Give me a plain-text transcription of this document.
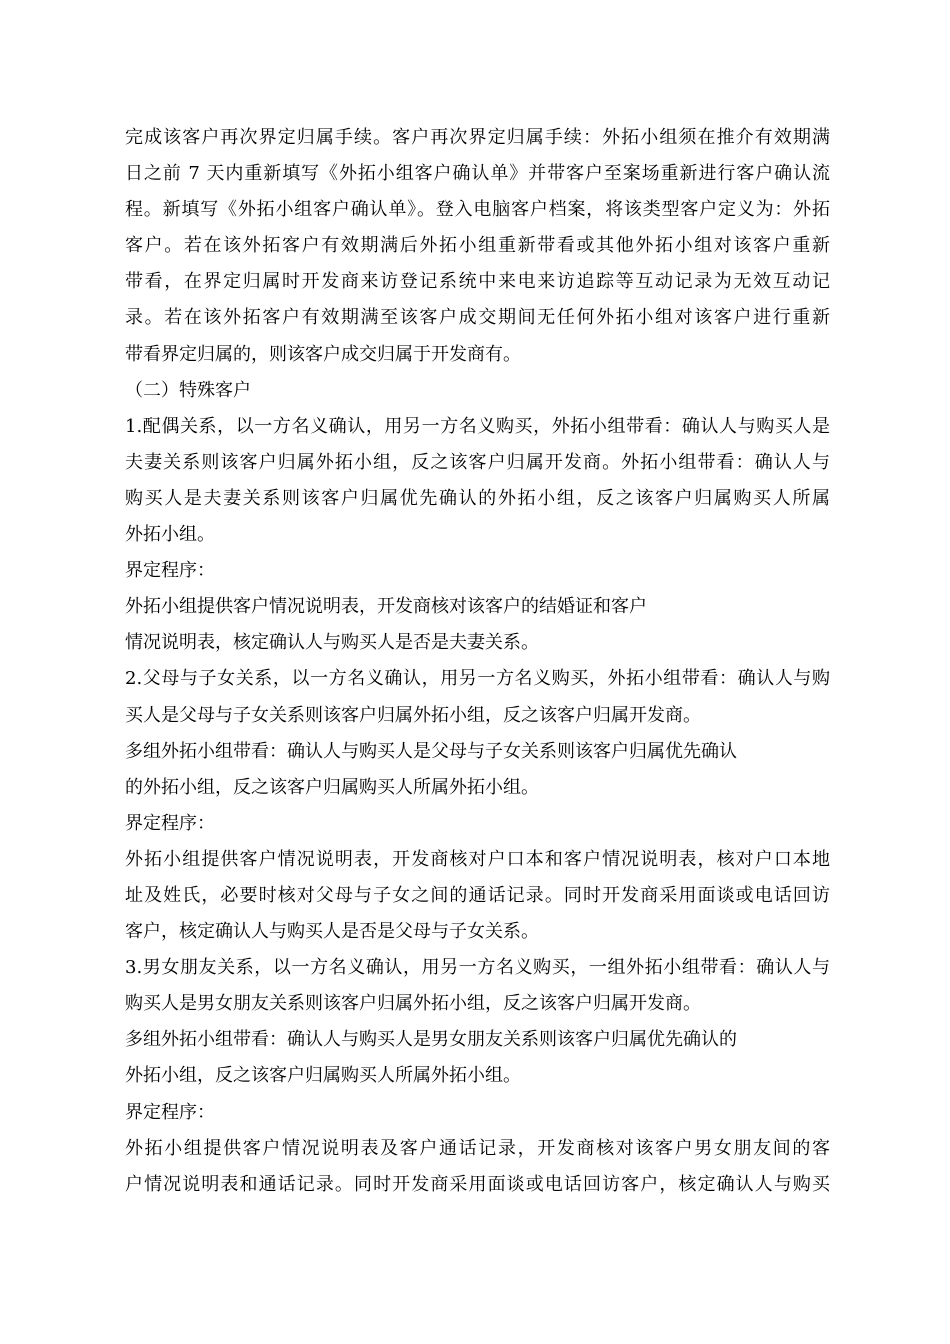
完成该客户再次界定归属手续。客户再次界定归属手续：外拓小组须在推介有效期满
日之前 7 天内重新填写《外拓小组客户确认单》并带客户至案场重新进行客户确认流
程。新填写《外拓小组客户确认单》。登入电脑客户档案，将该类型客户定义为：外拓
客户。若在该外拓客户有效期满后外拓小组重新带看或其他外拓小组对该客户重新
带看，在界定归属时开发商来访登记系统中来电来访追踪等互动记录为无效互动记
录。若在该外拓客户有效期满至该客户成交期间无任何外拓小组对该客户进行重新
带看界定归属的，则该客户成交归属于开发商有。
（二）特殊客户
1.配偶关系，以一方名义确认，用另一方名义购买，外拓小组带看：确认人与购买人是
夫妻关系则该客户归属外拓小组，反之该客户归属开发商。外拓小组带看：确认人与
购买人是夫妻关系则该客户归属优先确认的外拓小组，反之该客户归属购买人所属
外拓小组。
界定程序：
外拓小组提供客户情况说明表，开发商核对该客户的结婚证和客户
情况说明表，核定确认人与购买人是否是夫妻关系。
2.父母与子女关系，以一方名义确认，用另一方名义购买，外拓小组带看：确认人与购
买人是父母与子女关系则该客户归属外拓小组，反之该客户归属开发商。
多组外拓小组带看：确认人与购买人是父母与子女关系则该客户归属优先确认
的外拓小组，反之该客户归属购买人所属外拓小组。
界定程序：
外拓小组提供客户情况说明表，开发商核对户口本和客户情况说明表，核对户口本地
址及姓氏，必要时核对父母与子女之间的通话记录。同时开发商采用面谈或电话回访
客户，核定确认人与购买人是否是父母与子女关系。
3.男女朋友关系，以一方名义确认，用另一方名义购买，一组外拓小组带看：确认人与
购买人是男女朋友关系则该客户归属外拓小组，反之该客户归属开发商。
多组外拓小组带看：确认人与购买人是男女朋友关系则该客户归属优先确认的
外拓小组，反之该客户归属购买人所属外拓小组。
界定程序：
外拓小组提供客户情况说明表及客户通话记录，开发商核对该客户男女朋友间的客
户情况说明表和通话记录。同时开发商采用面谈或电话回访客户，核定确认人与购买
